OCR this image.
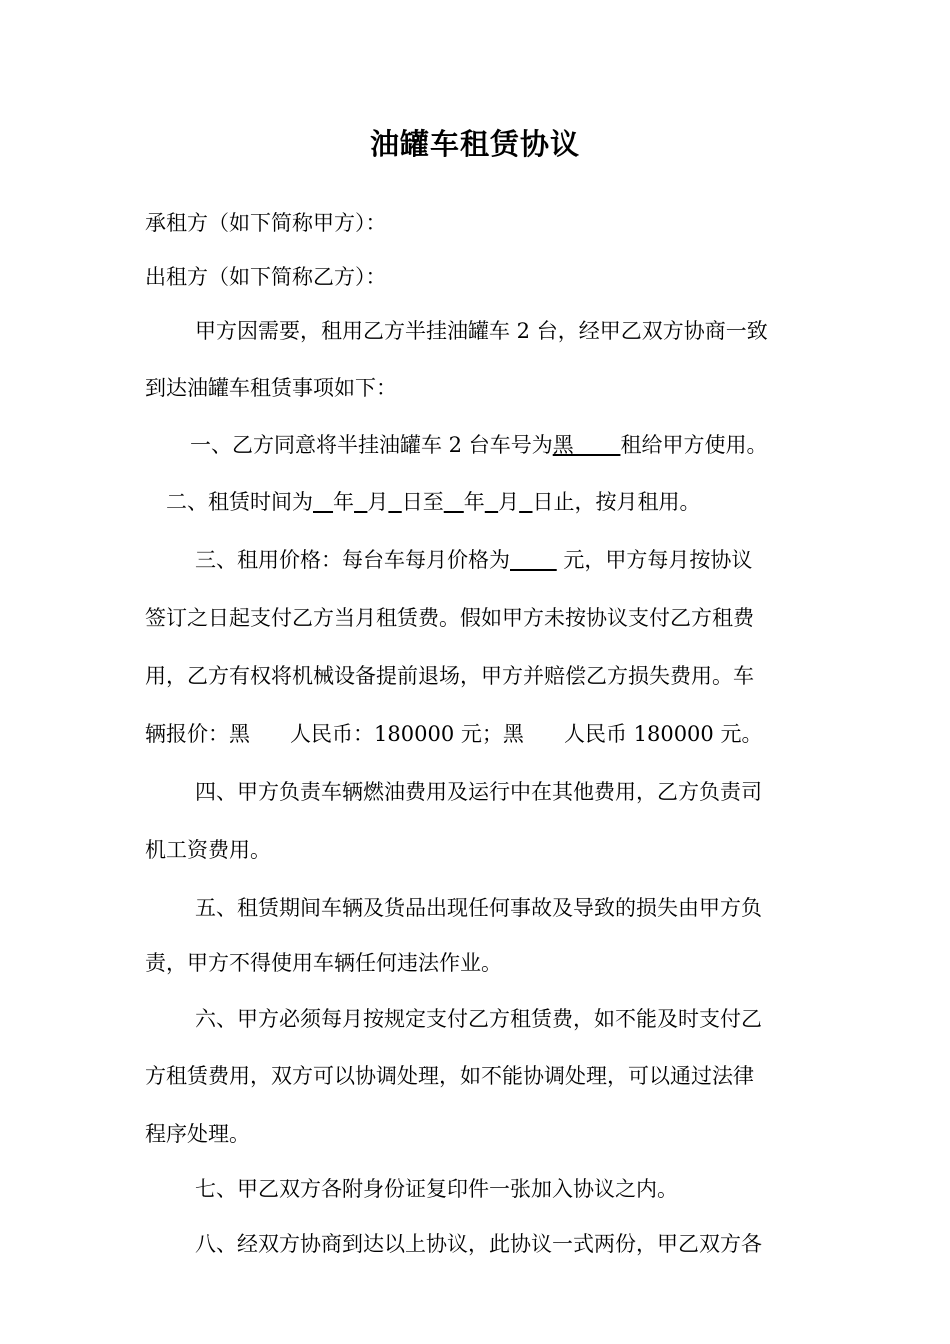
油罐车租赁协议
承租方（如下简称甲方）：
出租方（如下简称乙方）：
甲方因需要，租用乙方半挂油罐车 2 台，经甲乙双方协商一致
到达油罐车租赁事项如下：
一、乙方同意将半挂油罐车 2 台车号为黑       租给甲方使用。
二、租赁时间为 年 月 日至 年 月 日止，按月租用。
三、租用价格：每台车每月价格为        元，甲方每月按协议
签订之日起支付乙方当月租赁费。假如甲方未按协议支付乙方租费
用，乙方有权将机械设备提前退场，甲方并赔偿乙方损失费用。车
辆报价：黑      人民币：180000 元；黑      人民币 180000 元。
四、甲方负责车辆燃油费用及运行中在其他费用，乙方负责司
机工资费用。
五、租赁期间车辆及货品出现任何事故及导致的损失由甲方负
责，甲方不得使用车辆任何违法作业。
六、甲方必须每月按规定支付乙方租赁费，如不能及时支付乙
方租赁费用，双方可以协调处理，如不能协调处理，可以通过法律
程序处理。
七、甲乙双方各附身份证复印件一张加入协议之内。
八、经双方协商到达以上协议，此协议一式两份，甲乙双方各
